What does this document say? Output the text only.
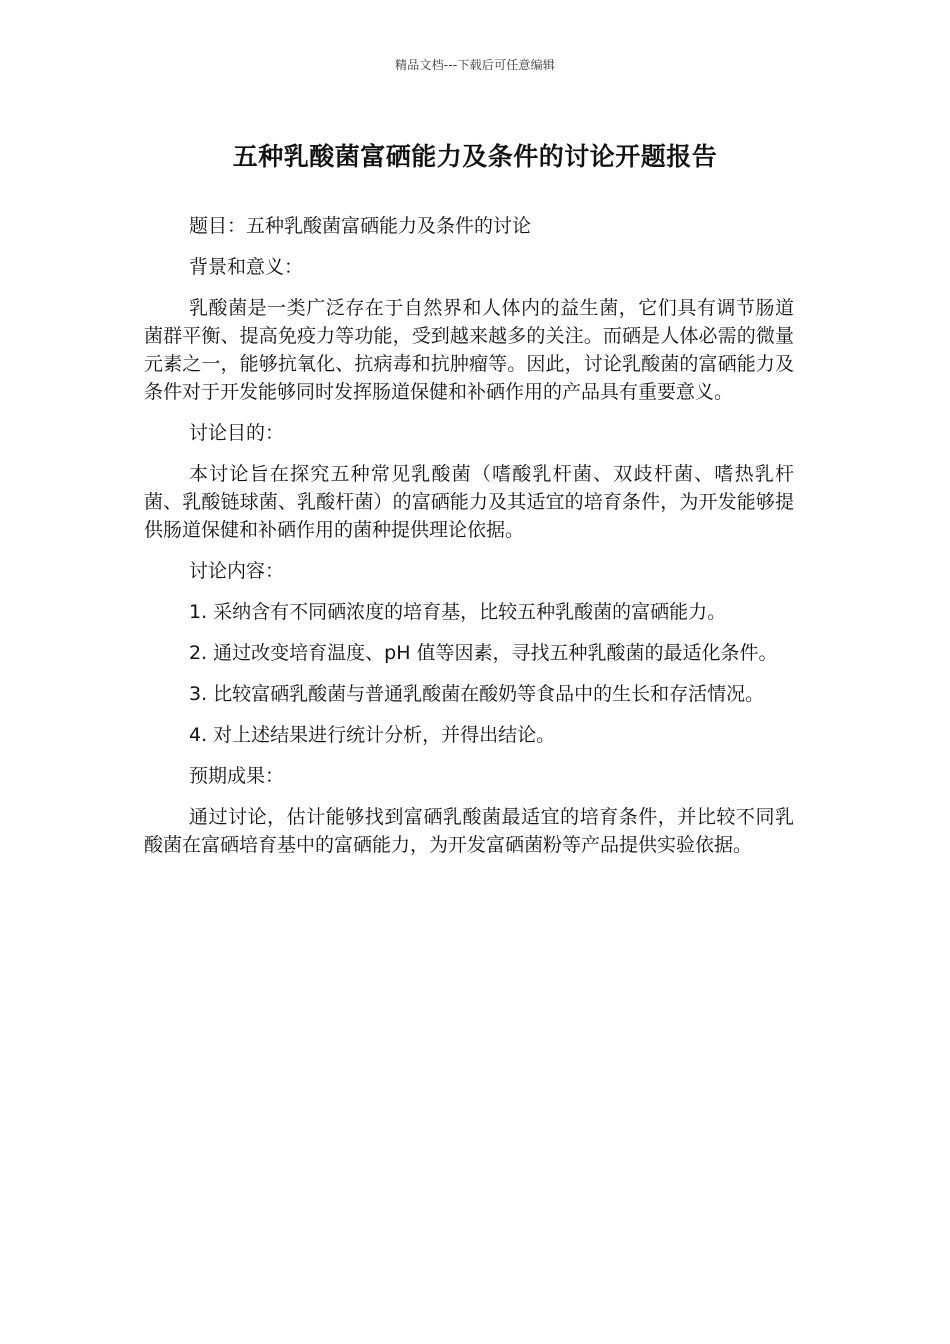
精品文档---下载后可任意编辑
五种乳酸菌富硒能力及条件的讨论开题报告

题目：五种乳酸菌富硒能力及条件的讨论

背景和意义：

乳酸菌是一类广泛存在于自然界和人体内的益生菌，它们具有调节肠道菌群平衡、提高免疫力等功能，受到越来越多的关注。而硒是人体必需的微量元素之一，能够抗氧化、抗病毒和抗肿瘤等。因此，讨论乳酸菌的富硒能力及条件对于开发能够同时发挥肠道保健和补硒作用的产品具有重要意义。

讨论目的：

本讨论旨在探究五种常见乳酸菌（嗜酸乳杆菌、双歧杆菌、嗜热乳杆菌、乳酸链球菌、乳酸杆菌）的富硒能力及其适宜的培育条件，为开发能够提供肠道保健和补硒作用的菌种提供理论依据。

讨论内容：

1. 采纳含有不同硒浓度的培育基，比较五种乳酸菌的富硒能力。

2. 通过改变培育温度、pH 值等因素，寻找五种乳酸菌的最适化条件。

3. 比较富硒乳酸菌与普通乳酸菌在酸奶等食品中的生长和存活情况。

4. 对上述结果进行统计分析，并得出结论。

预期成果：

通过讨论，估计能够找到富硒乳酸菌最适宜的培育条件，并比较不同乳酸菌在富硒培育基中的富硒能力，为开发富硒菌粉等产品提供实验依据。
